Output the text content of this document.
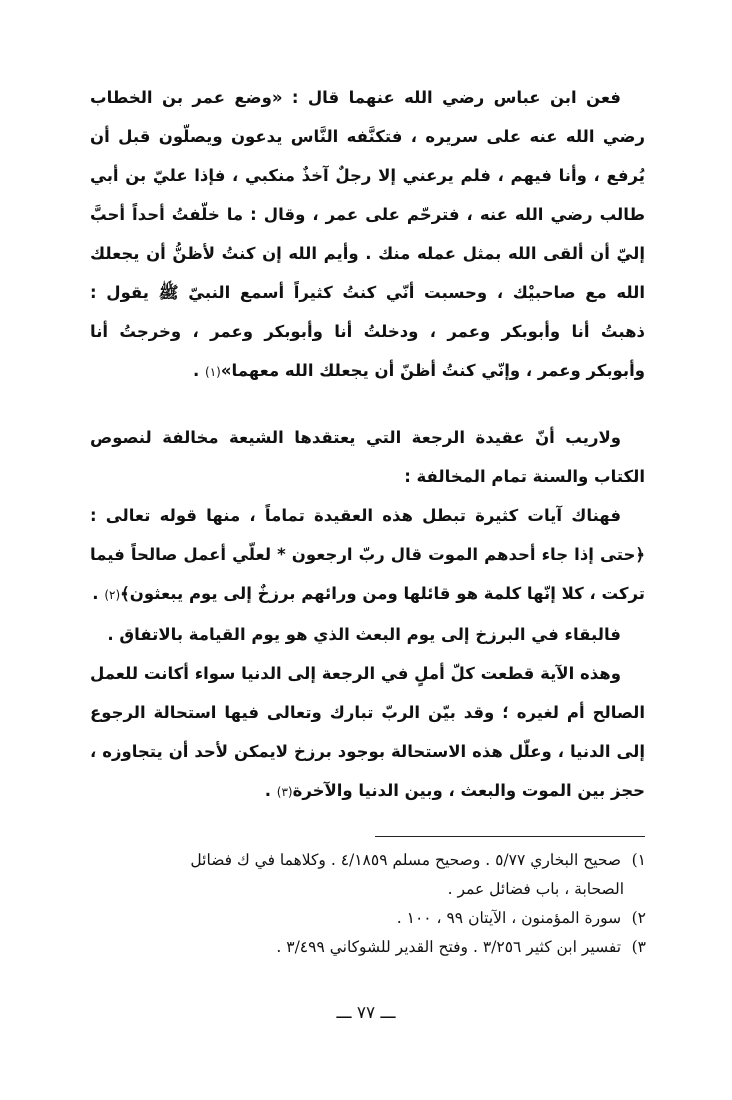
فعن ابن عباس رضي الله عنهما قال : «وضع عمر بن الخطاب رضي الله عنه على سريره ، فتكنَّفه النَّاس يدعون ويصلّون قبل أن يُرفع ، وأنا فيهم ، فلم يرعني إلا رجلٌ آخذٌ منكبي ، فإذا عليّ بن أبي طالب رضي الله عنه ، فترحّم على عمر ، وقال : ما خلّفتُ أحداً أحبَّ إليّ أن ألقى الله بمثل عمله منك . وأيم الله إن كنتُ لأظنُّ أن يجعلك الله مع صاحبيْك ، وحسبت أنّي كنتُ كثيراً أسمع النبيّ ﷺ يقول : ذهبتُ أنا وأبوبكر وعمر ، ودخلتُ أنا وأبوبكر وعمر ، وخرجتُ أنا وأبوبكر وعمر ، وإنّي كنتُ أظنّ أن يجعلك الله معهما»(١) .

ولاريب أنّ عقيدة الرجعة التي يعتقدها الشيعة مخالفة لنصوص الكتاب والسنة تمام المخالفة :

فهناك آيات كثيرة تبطل هذه العقيدة تماماً ، منها قوله تعالى : ﴿حتى إذا جاء أحدهم الموت قال ربّ ارجعون * لعلّي أعمل صالحاً فيما تركت ، كلا إنّها كلمة هو قائلها ومن ورائهم برزخٌ إلى يوم يبعثون﴾(٢) .

فالبقاء في البرزخ إلى يوم البعث الذي هو يوم القيامة بالاتفاق .

وهذه الآية قطعت كلّ أملٍ في الرجعة إلى الدنيا سواء أكانت للعمل الصالح أم لغيره ؛ وقد بيّن الربّ تبارك وتعالى فيها استحالة الرجوع إلى الدنيا ، وعلّل هذه الاستحالة بوجود برزخ لايمكن لأحد أن يتجاوزه ، حجز بين الموت والبعث ، وبين الدنيا والآخرة(٣) .

١) صحيح البخاري ٥/٧٧ . وصحيح مسلم ٤/١٨٥٩ . وكلاهما في ك فضائل

الصحابة ، باب فضائل عمر .

٢) سورة المؤمنون ، الآيتان ٩٩ ، ١٠٠ .

٣) تفسير ابن كثير ٣/٢٥٦ . وفتح القدير للشوكاني ٣/٤٩٩ .

ـــ ٧٧ ـــ
